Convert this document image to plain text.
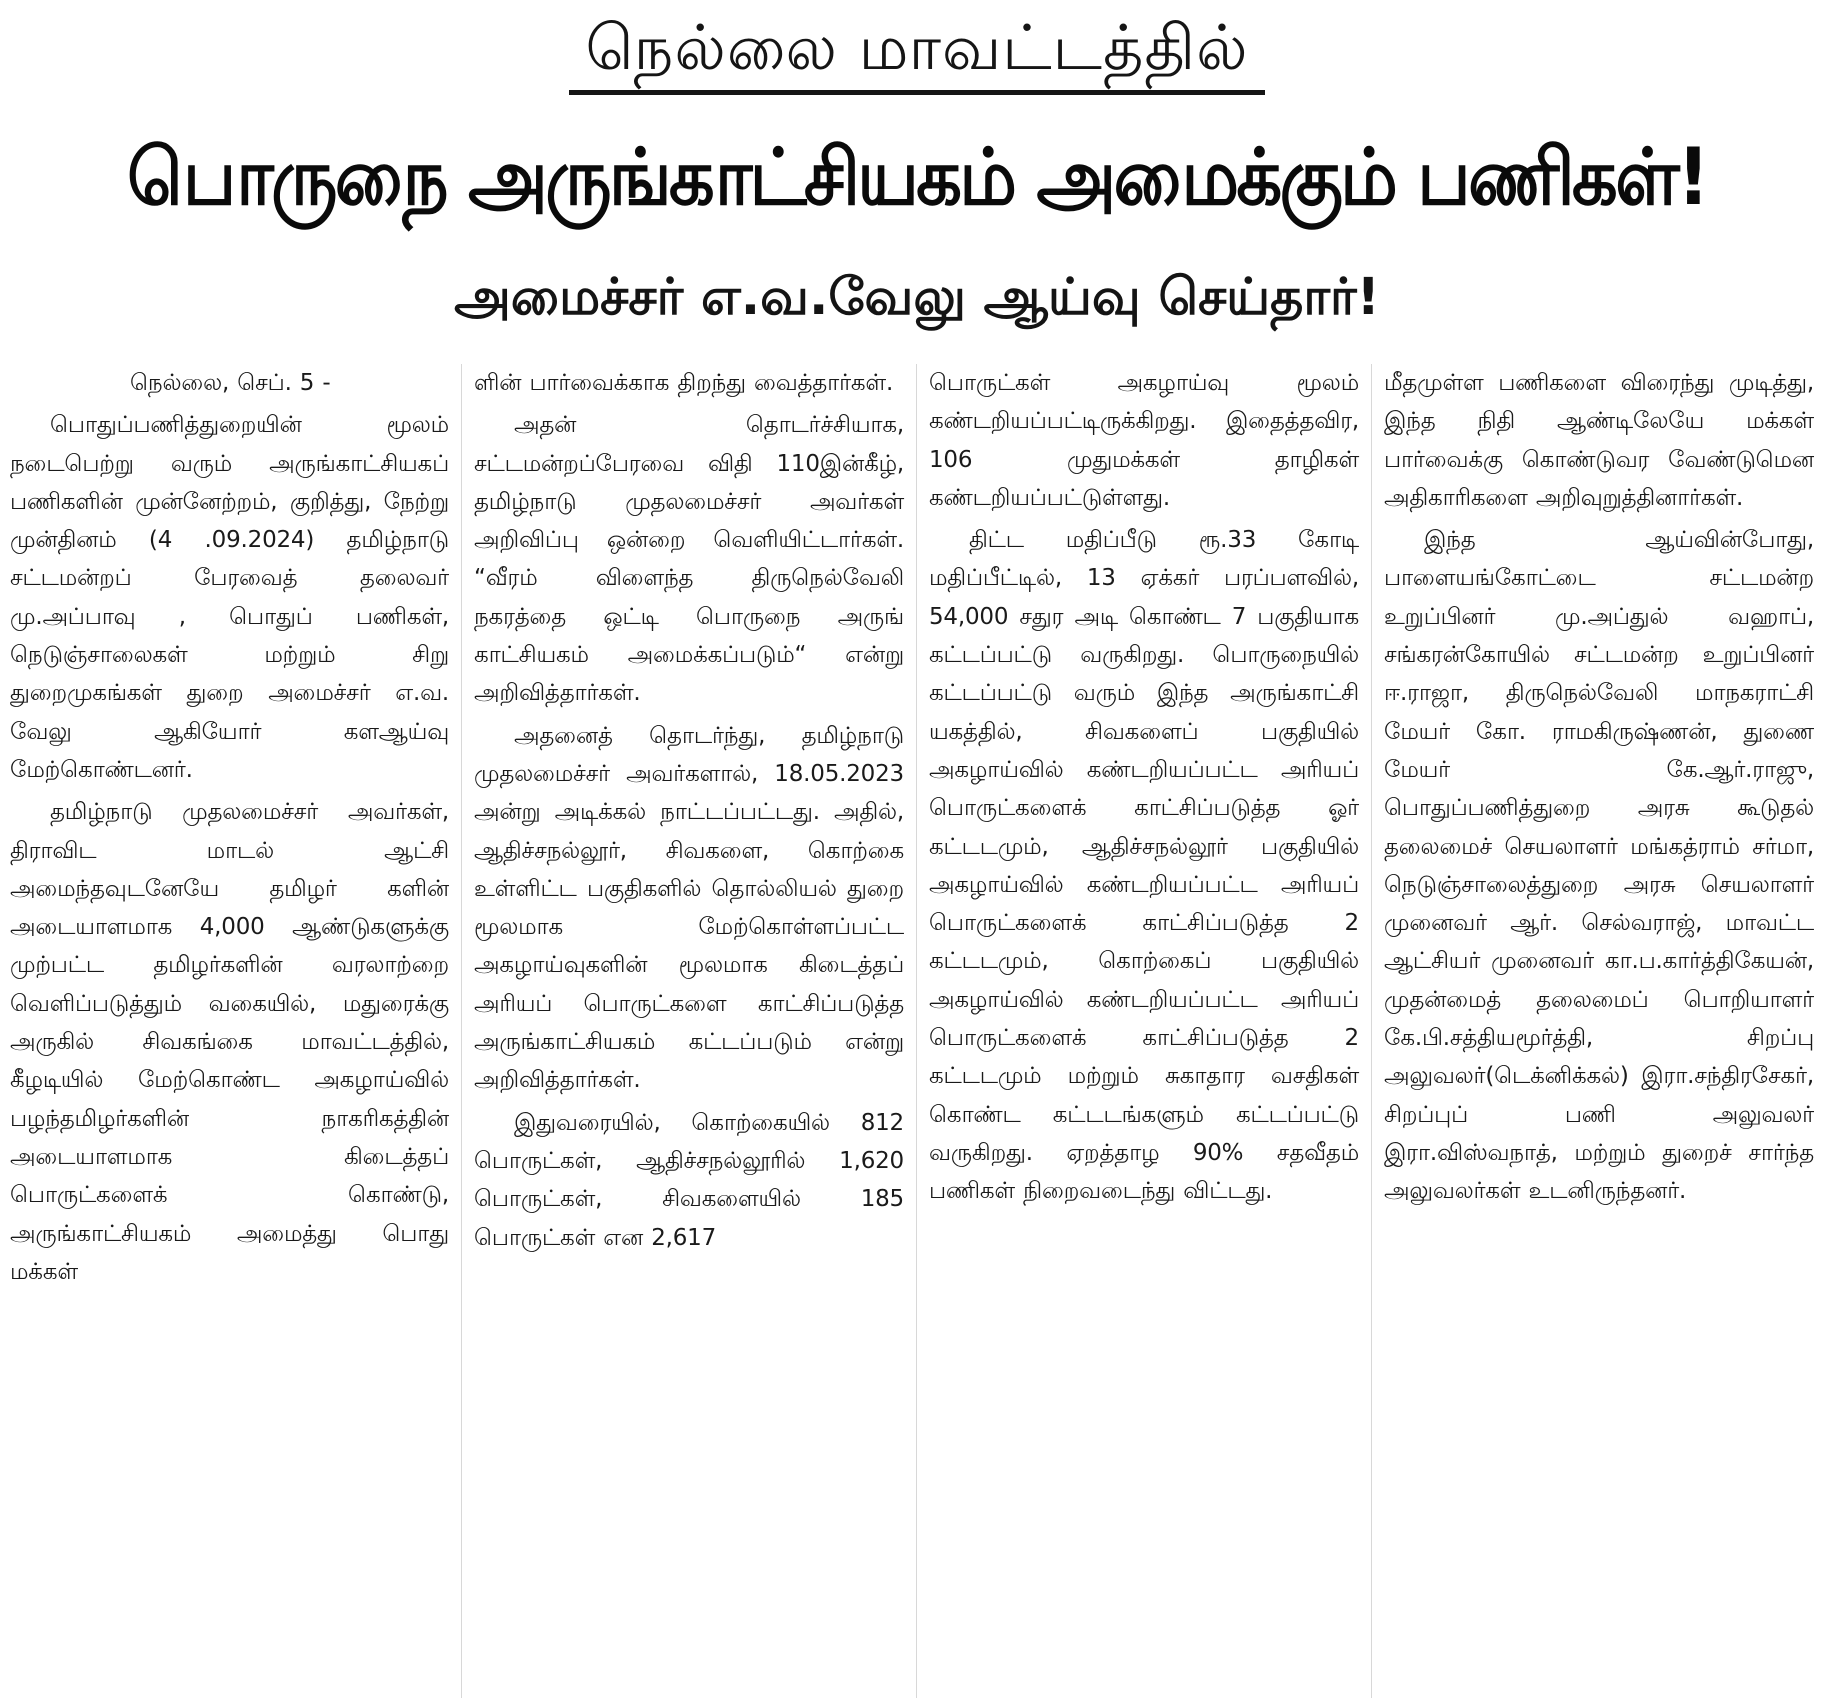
நெல்லை மாவட்டத்தில்
பொருநை அருங்காட்சியகம் அமைக்கும் பணிகள்!
அமைச்சர் எ.வ.வேலு ஆய்வு செய்தார்!

நெல்லை, செப். 5 -

பொதுப்பணித்துறையின் மூலம் நடைபெற்று வரும் அருங்காட்சியகப் பணிகளின் முன்னேற்றம், குறித்து, நேற்று முன்தினம் (4 .09.2024) தமிழ்நாடு சட்டமன்றப் பேரவைத் தலைவர் மு.அப்பாவு , பொதுப் பணிகள், நெடுஞ்சாலைகள் மற்றும் சிறு துறைமுகங்கள் துறை அமைச்சர் எ.வ. வேலு ஆகியோர் களஆய்வு மேற்கொண்டனர்.

தமிழ்நாடு முதலமைச்சர் அவர்கள், திராவிட மாடல் ஆட்சி அமைந்தவுடனேயே தமிழர் களின் அடையாளமாக 4,000 ஆண்டுகளுக்கு முற்பட்ட தமிழர்களின் வரலாற்றை வெளிப்படுத்தும் வகையில், மதுரைக்கு அருகில் சிவகங்கை மாவட்டத்தில், கீழடியில் மேற்கொண்ட அகழாய்வில் பழந்தமிழர்களின் நாகரிகத்தின் அடையாளமாக கிடைத்தப் பொருட்களைக் கொண்டு, அருங்காட்சியகம் அமைத்து பொது மக்கள்

ளின் பார்வைக்காக திறந்து வைத்தார்கள்.

அதன் தொடர்ச்சியாக, சட்டமன்றப்பேரவை விதி 110இன்கீழ், தமிழ்நாடு முதலமைச்சர் அவர்கள் அறிவிப்பு ஒன்றை வெளியிட்டார்கள். “வீரம் விளைந்த திருநெல்வேலி நகரத்தை ஒட்டி பொருநை அருங் காட்சியகம் அமைக்கப்படும்“ என்று அறிவித்தார்கள்.

அதனைத் தொடர்ந்து, தமிழ்நாடு முதலமைச்சர் அவர்களால், 18.05.2023 அன்று அடிக்கல் நாட்டப்பட்டது. அதில், ஆதிச்சநல்லூர், சிவகளை, கொற்கை உள்ளிட்ட பகுதிகளில் தொல்லியல் துறை மூலமாக மேற்கொள்ளப்பட்ட அகழாய்வுகளின் மூலமாக கிடைத்தப் அரியப் பொருட்களை காட்சிப்படுத்த அருங்காட்சியகம் கட்டப்படும் என்று அறிவித்தார்கள்.

இதுவரையில், கொற்கையில் 812 பொருட்கள், ஆதிச்சநல்லூரில் 1,620 பொருட்கள், சிவகளையில் 185 பொருட்கள் என 2,617

பொருட்கள் அகழாய்வு மூலம் கண்டறியப்பட்டிருக்கிறது. இதைத்தவிர, 106 முதுமக்கள் தாழிகள் கண்டறியப்பட்டுள்ளது.

திட்ட மதிப்பீடு ரூ.33 கோடி மதிப்பீட்டில், 13 ஏக்கர் பரப்பளவில், 54,000 சதுர அடி கொண்ட 7 பகுதியாக கட்டப்பட்டு வருகிறது. பொருநையில் கட்டப்பட்டு வரும் இந்த அருங்காட்சி யகத்தில், சிவகளைப் பகுதியில் அகழாய்வில் கண்டறியப்பட்ட அரியப் பொருட்களைக் காட்சிப்படுத்த ஓர் கட்டடமும், ஆதிச்சநல்லூர் பகுதியில் அகழாய்வில் கண்டறியப்பட்ட அரியப் பொருட்களைக் காட்சிப்படுத்த 2 கட்டடமும், கொற்கைப் பகுதியில் அகழாய்வில் கண்டறியப்பட்ட அரியப் பொருட்களைக் காட்சிப்படுத்த 2 கட்டடமும் மற்றும் சுகாதார வசதிகள் கொண்ட கட்டடங்களும் கட்டப்பட்டு வருகிறது. ஏறத்தாழ 90% சதவீதம் பணிகள் நிறைவடைந்து விட்டது.

மீதமுள்ள பணிகளை விரைந்து முடித்து, இந்த நிதி ஆண்டிலேயே மக்கள் பார்வைக்கு கொண்டுவர வேண்டுமென அதிகாரிகளை அறிவுறுத்தினார்கள்.

இந்த ஆய்வின்போது, பாளையங்கோட்டை சட்டமன்ற உறுப்பினர் மு.அப்துல் வஹாப், சங்கரன்கோயில் சட்டமன்ற உறுப்பினர் ஈ.ராஜா, திருநெல்வேலி மாநகராட்சி மேயர் கோ. ராமகிருஷ்ணன், துணை மேயர் கே.ஆர்.ராஜு, பொதுப்பணித்துறை அரசு கூடுதல் தலைமைச் செயலாளர் மங்கத்ராம் சர்மா, நெடுஞ்சாலைத்துறை அரசு செயலாளர் முனைவர் ஆர். செல்வராஜ், மாவட்ட ஆட்சியர் முனைவர் கா.ப.கார்த்திகேயன், முதன்மைத் தலைமைப் பொறியாளர் கே.பி.சத்தியமூர்த்தி, சிறப்பு அலுவலர்(டெக்னிக்கல்) இரா.சந்திரசேகர், சிறப்புப் பணி அலுவலர் இரா.விஸ்வநாத், மற்றும் துறைச் சார்ந்த அலுவலர்கள் உடனிருந்தனர்.
